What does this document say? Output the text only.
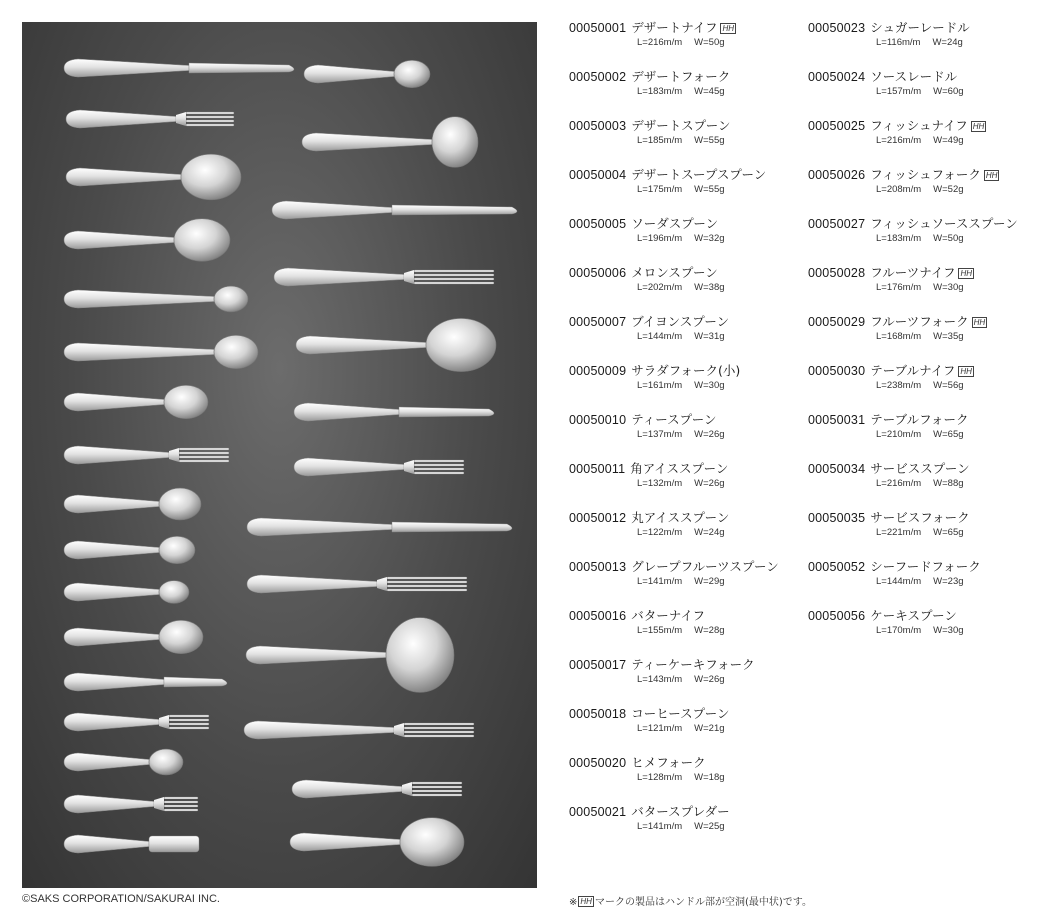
©SAKS CORPORATION/SAKURAI INC.
00050001 デザートナイフ HH
L=216m/m W=50g
00050002 デザートフォーク
L=183m/m W=45g
00050003 デザートスプーン
L=185m/m W=55g
00050004 デザートスープスプーン
L=175m/m W=55g
00050005 ソーダスプーン
L=196m/m W=32g
00050006 メロンスプーン
L=202m/m W=38g
00050007 ブイヨンスプーン
L=144m/m W=31g
00050009 サラダフォーク(小)
L=161m/m W=30g
00050010 ティースプーン
L=137m/m W=26g
00050011 角アイススプーン
L=132m/m W=26g
00050012 丸アイススプーン
L=122m/m W=24g
00050013 グレープフルーツスプーン
L=141m/m W=29g
00050016 バターナイフ
L=155m/m W=28g
00050017 ティーケーキフォーク
L=143m/m W=26g
00050018 コーヒースプーン
L=121m/m W=21g
00050020 ヒメフォーク
L=128m/m W=18g
00050021 バタースプレダー
L=141m/m W=25g
00050023 シュガーレードル
L=116m/m W=24g
00050024 ソースレードル
L=157m/m W=60g
00050025 フィッシュナイフ HH
L=216m/m W=49g
00050026 フィッシュフォーク HH
L=208m/m W=52g
00050027 フィッシュソーススプーン
L=183m/m W=50g
00050028 フルーツナイフ HH
L=176m/m W=30g
00050029 フルーツフォーク HH
L=168m/m W=35g
00050030 テーブルナイフ HH
L=238m/m W=56g
00050031 テーブルフォーク
L=210m/m W=65g
00050034 サービススプーン
L=216m/m W=88g
00050035 サービスフォーク
L=221m/m W=65g
00050052 シーフードフォーク
L=144m/m W=23g
00050056 ケーキスプーン
L=170m/m W=30g
※ HH マークの製品はハンドル部が空洞(最中状)です。
